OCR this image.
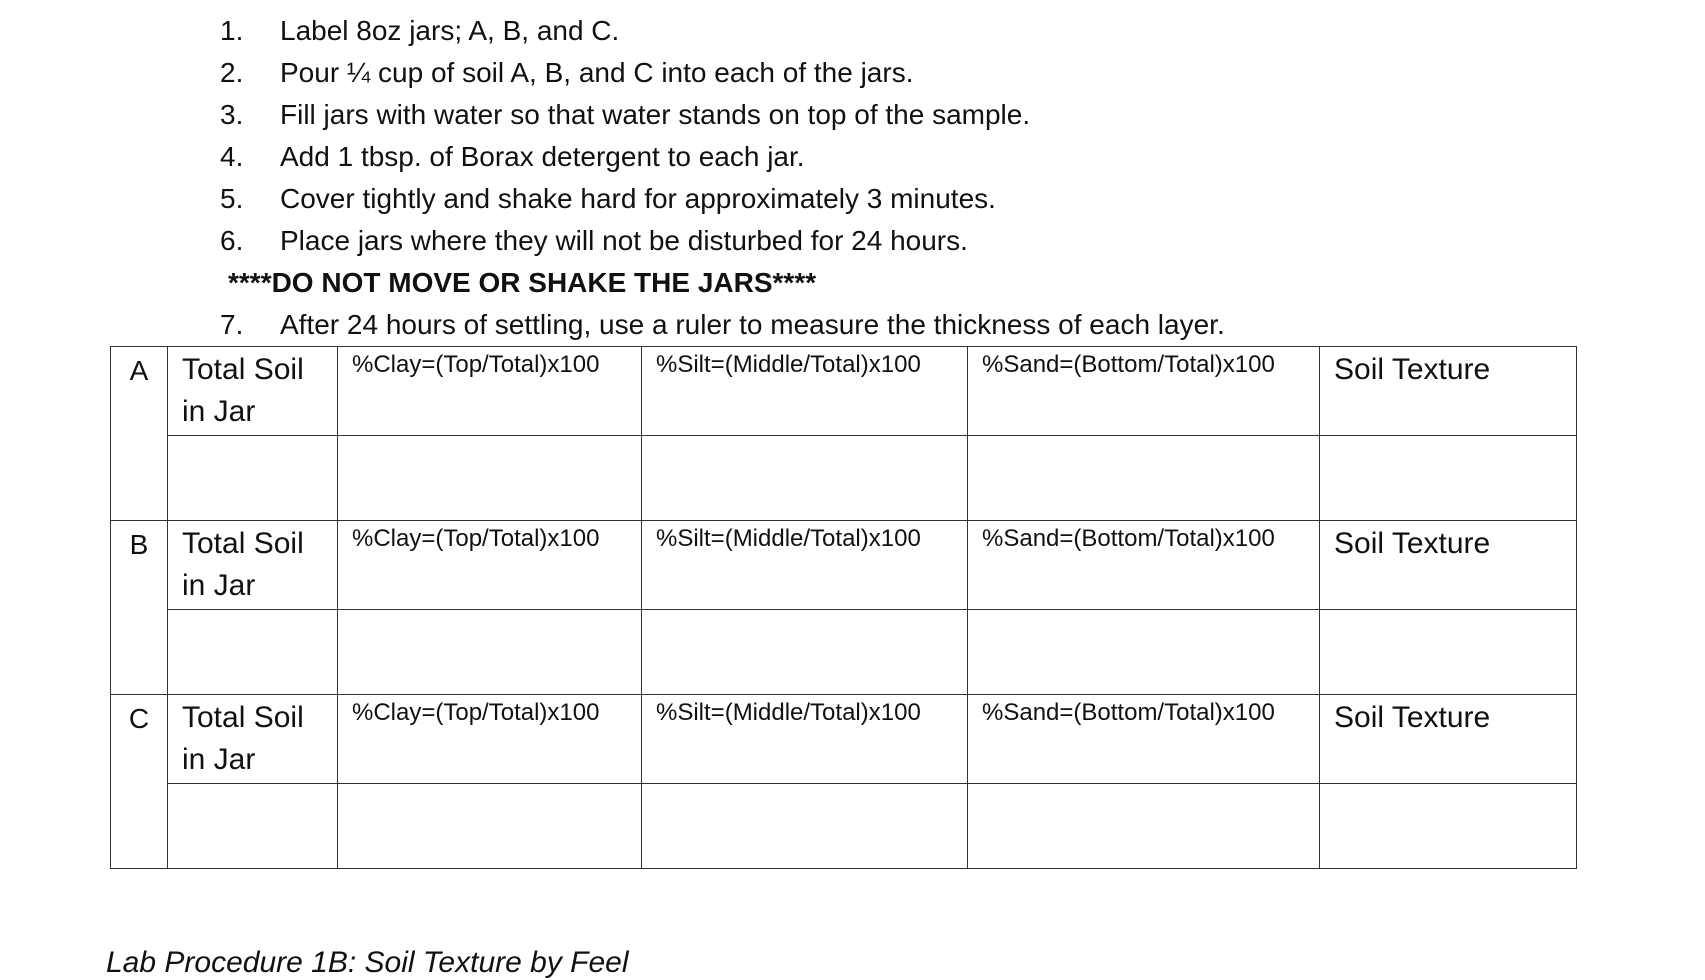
1. Label 8oz jars; A, B, and C.
2. Pour ¼ cup of soil A, B, and C into each of the jars.
3. Fill jars with water so that water stands on top of the sample.
4. Add 1 tbsp. of Borax detergent to each jar.
5. Cover tightly and shake hard for approximately 3 minutes.
6. Place jars where they will not be disturbed for 24 hours.
****DO NOT MOVE OR SHAKE THE JARS****
7. After 24 hours of settling, use a ruler to measure the thickness of each layer.
A	Total Soil in Jar	%Clay=(Top/Total)x100	%Silt=(Middle/Total)x100	%Sand=(Bottom/Total)x100	Soil Texture

B	Total Soil in Jar	%Clay=(Top/Total)x100	%Silt=(Middle/Total)x100	%Sand=(Bottom/Total)x100	Soil Texture

C	Total Soil in Jar	%Clay=(Top/Total)x100	%Silt=(Middle/Total)x100	%Sand=(Bottom/Total)x100	Soil Texture

Lab Procedure 1B: Soil Texture by Feel
